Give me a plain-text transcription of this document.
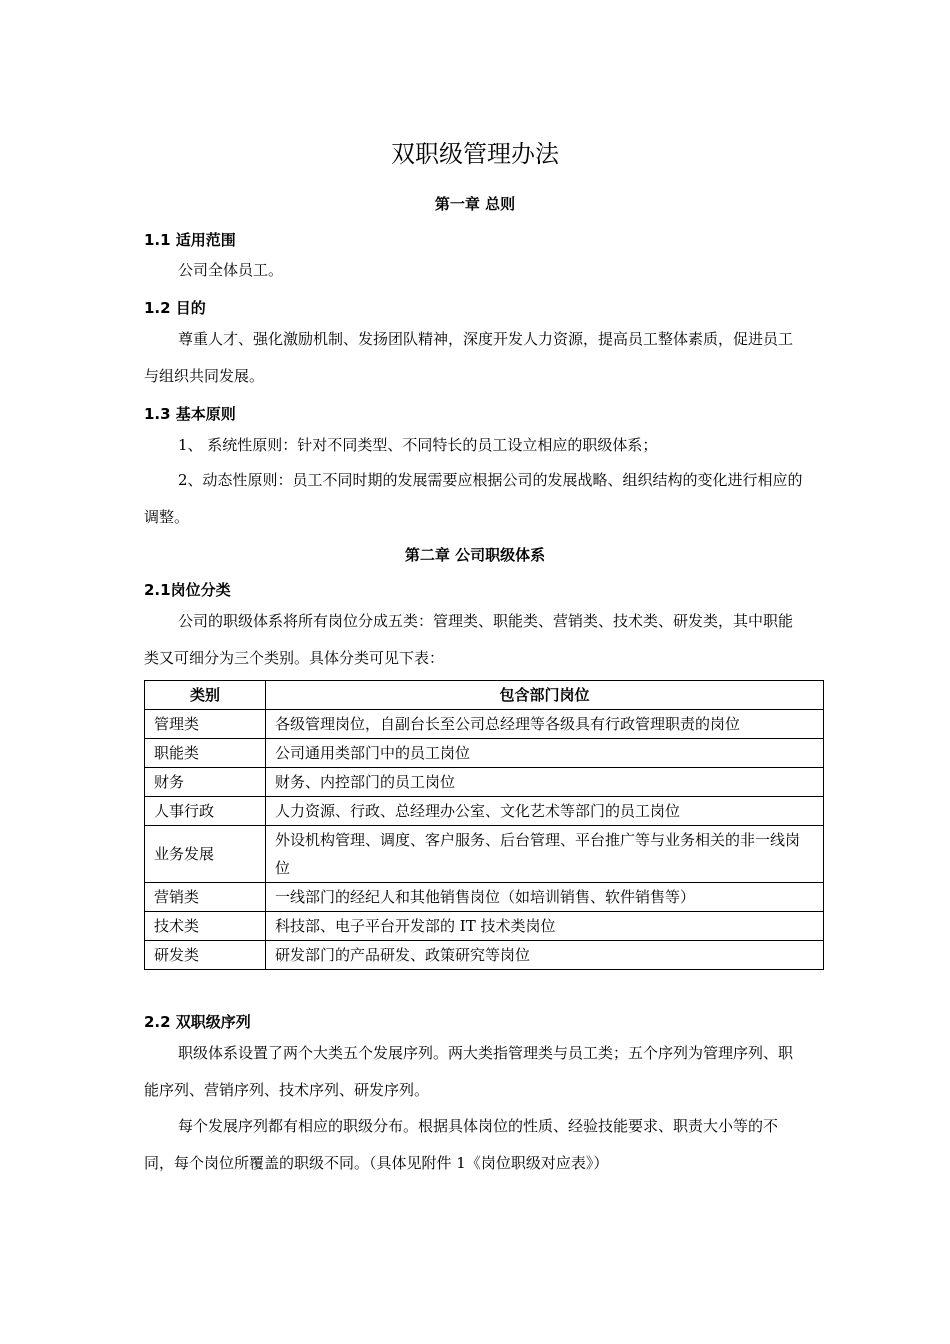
双职级管理办法
第一章 总则
1.1 适用范围

公司全体员工。

1.2 目的

尊重人才、强化激励机制、发扬团队精神，深度开发人力资源，提高员工整体素质，促进员工与组织共同发展。

1.3 基本原则

1、 系统性原则：针对不同类型、不同特长的员工设立相应的职级体系；

2、动态性原则：员工不同时期的发展需要应根据公司的发展战略、组织结构的变化进行相应的调整。

第二章 公司职级体系
2.1岗位分类

公司的职级体系将所有岗位分成五类：管理类、职能类、营销类、技术类、研发类，其中职能类又可细分为三个类别。具体分类可见下表：

类别	包含部门岗位
管理类	各级管理岗位，自副台长至公司总经理等各级具有行政管理职责的岗位
职能类	公司通用类部门中的员工岗位
财务	财务、内控部门的员工岗位
人事行政	人力资源、行政、总经理办公室、文化艺术等部门的员工岗位
业务发展	外设机构管理、调度、客户服务、后台管理、平台推广等与业务相关的非一线岗位
营销类	一线部门的经纪人和其他销售岗位（如培训销售、软件销售等）
技术类	科技部、电子平台开发部的 IT 技术类岗位
研发类	研发部门的产品研发、政策研究等岗位
2.2 双职级序列

职级体系设置了两个大类五个发展序列。两大类指管理类与员工类；五个序列为管理序列、职能序列、营销序列、技术序列、研发序列。

每个发展序列都有相应的职级分布。根据具体岗位的性质、经验技能要求、职责大小等的不同，每个岗位所覆盖的职级不同。（具体见附件 1《岗位职级对应表》）
